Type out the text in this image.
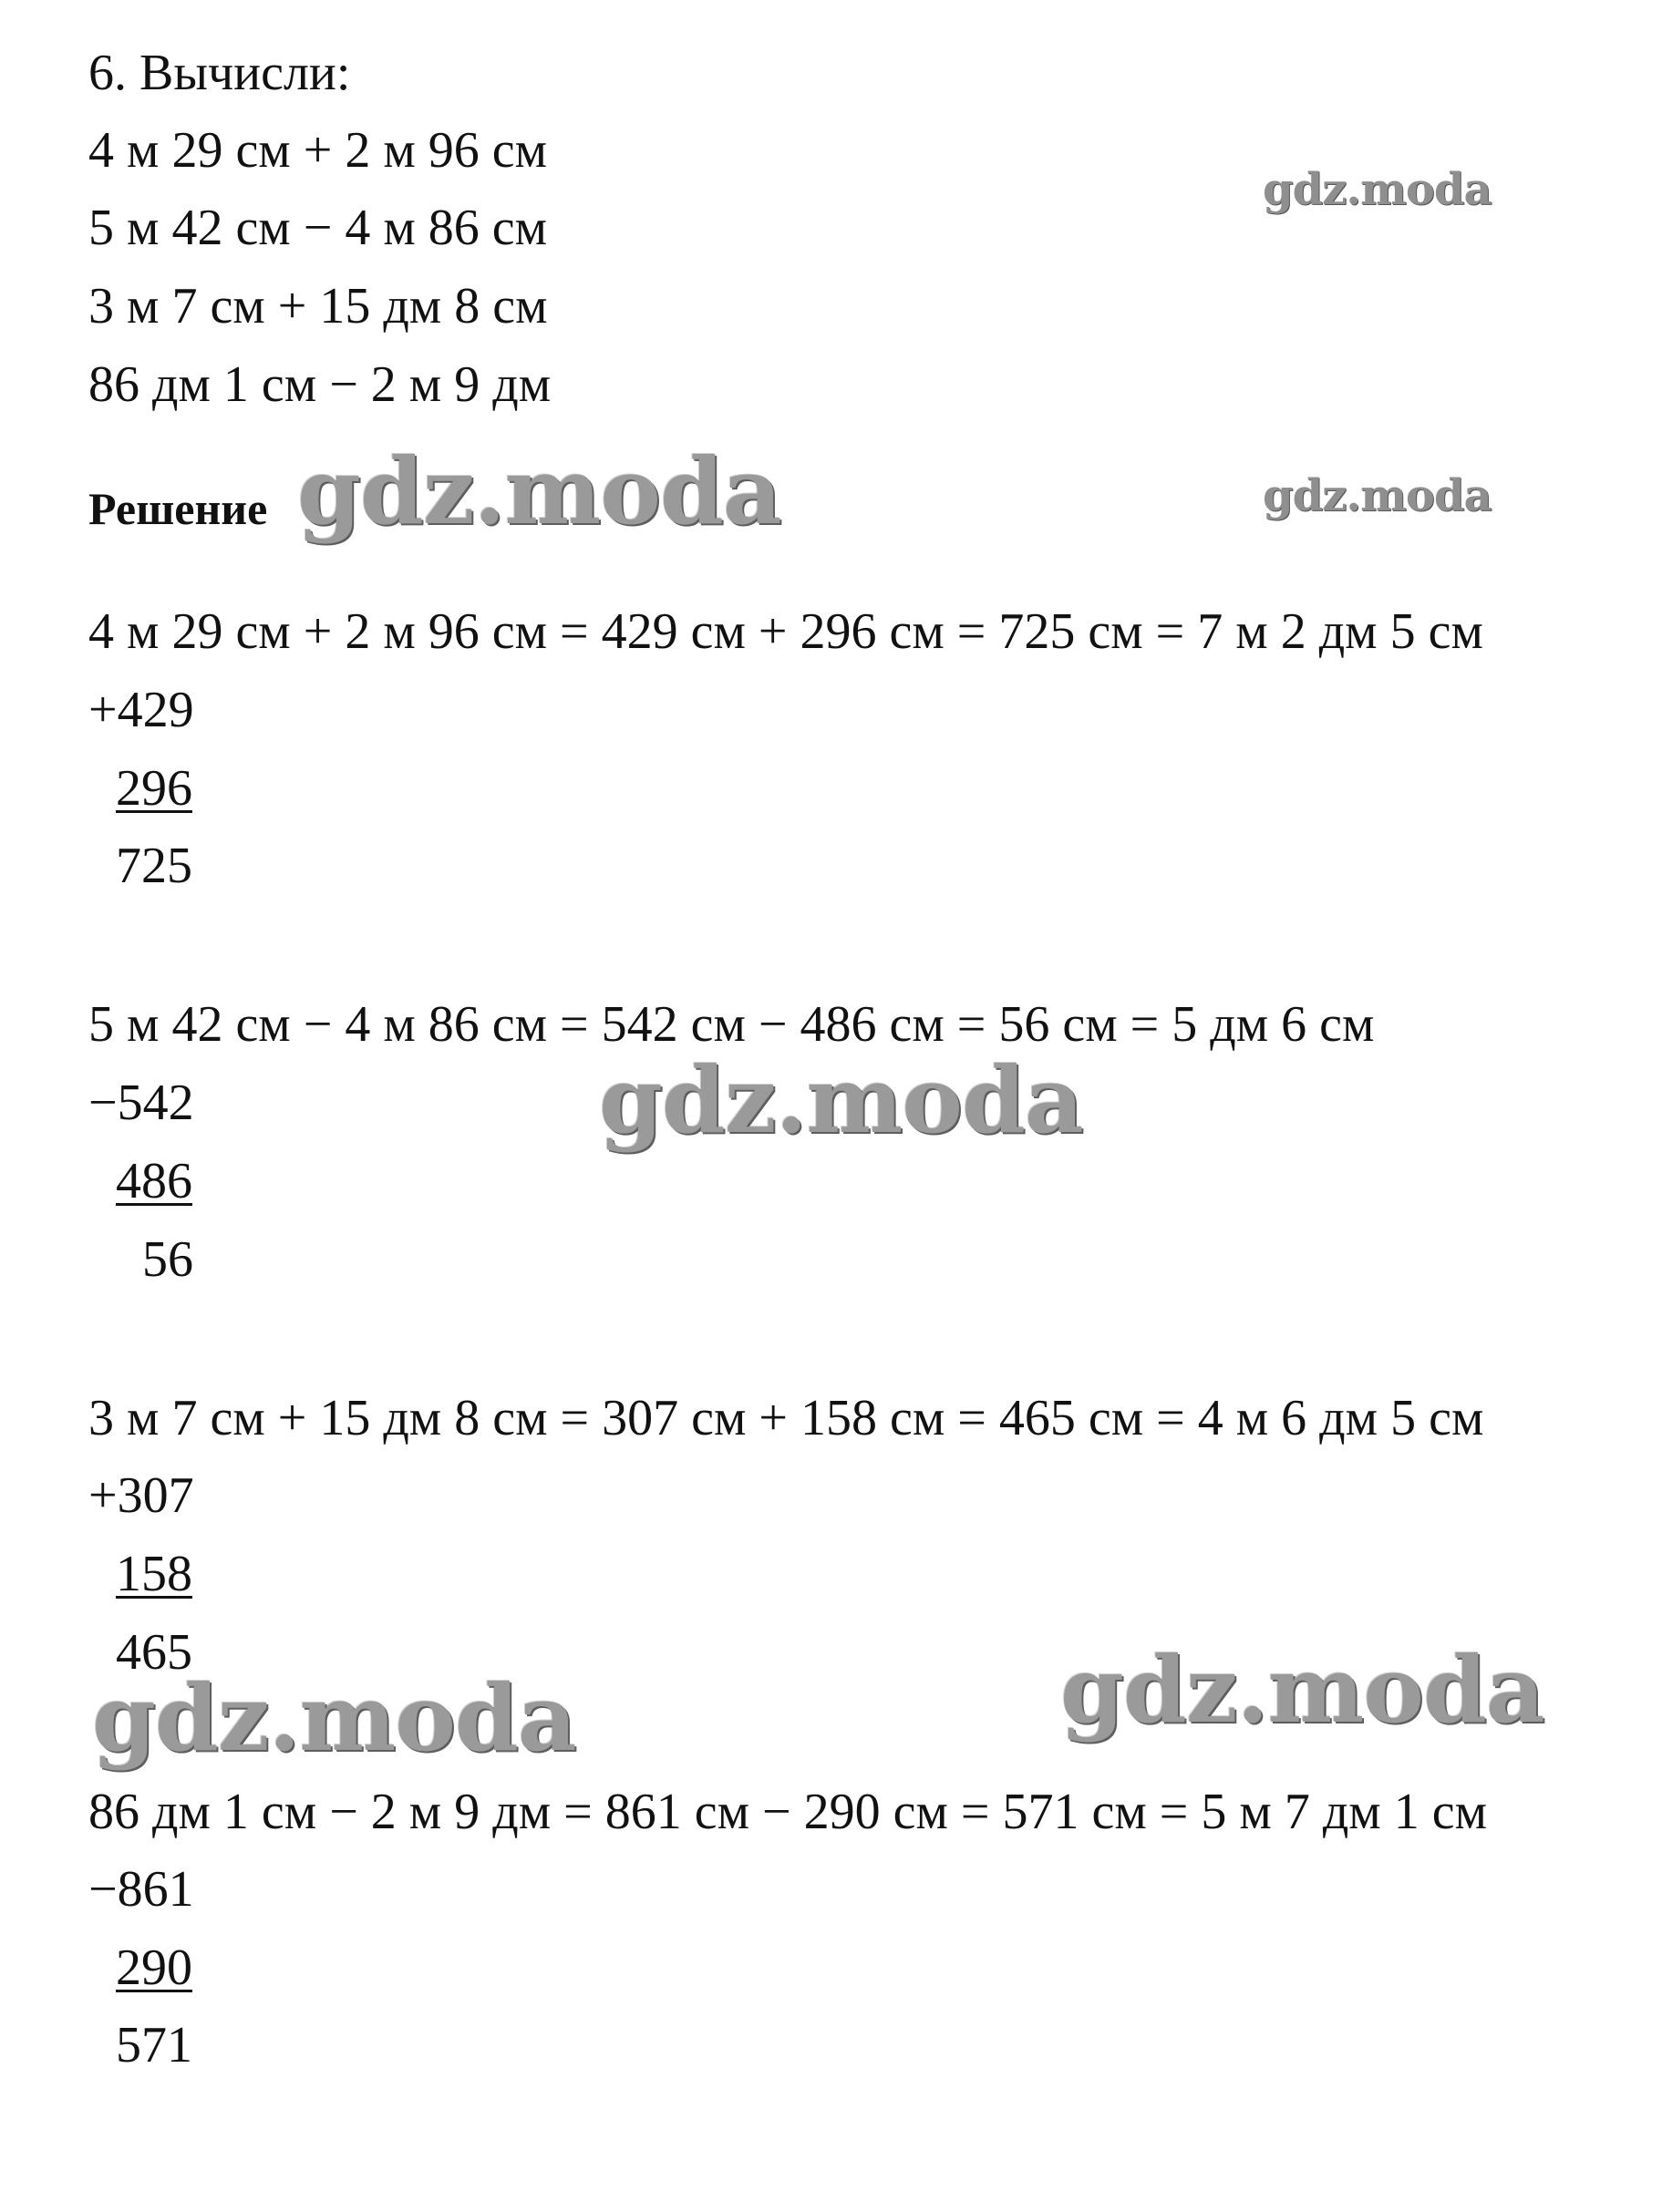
6. Вычисли:
4 м 29 см + 2 м 96 см
5 м 42 см − 4 м 86 см
3 м 7 см + 15 дм 8 см
86 дм 1 см − 2 м 9 дм
Решение
4 м 29 см + 2 м 96 см = 429 см + 296 см = 725 см = 7 м 2 дм 5 см
+429
296
725
5 м 42 см − 4 м 86 см = 542 см − 486 см = 56 см = 5 дм 6 см
−542
486
56
3 м 7 см + 15 дм 8 см = 307 см + 158 см = 465 см = 4 м 6 дм 5 см
+307
158
465
86 дм 1 см − 2 м 9 дм = 861 см − 290 см = 571 см = 5 м 7 дм 1 см
−861
290
571
gdz.moda
gdz.moda
gdz.moda
gdz.moda
gdz.moda	gdz.moda
